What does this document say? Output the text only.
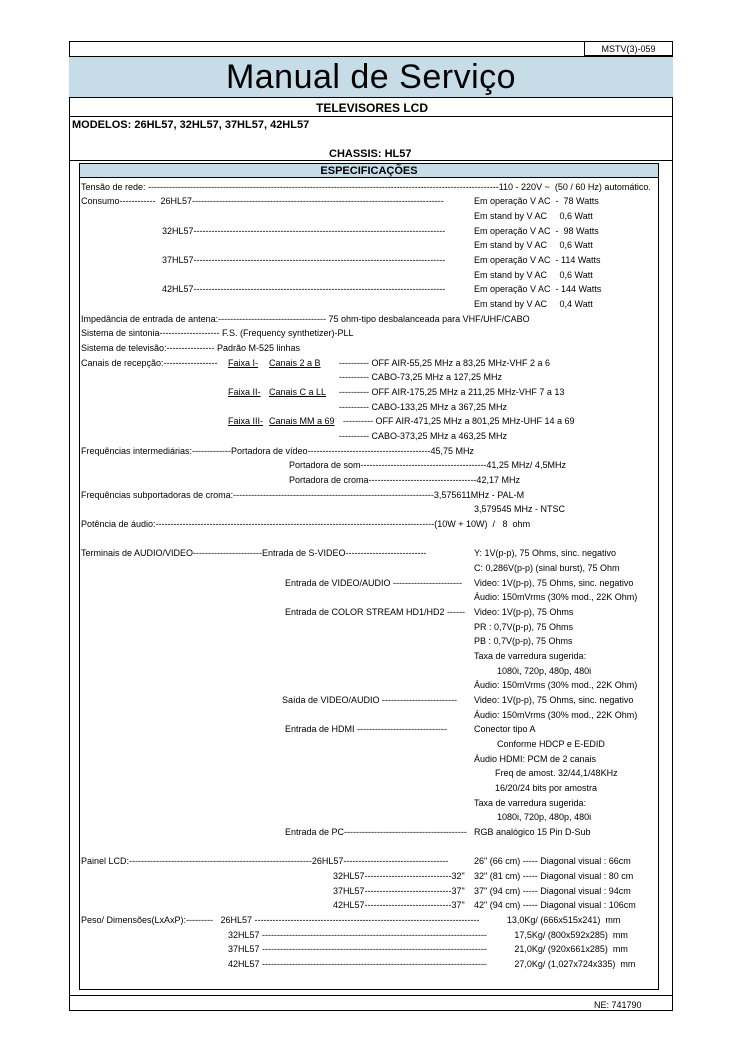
MSTV(3)-059
Manual de Serviço
TELEVISORES LCD
MODELOS: 26HL57, 32HL57, 37HL57, 42HL57
CHASSIS: HL57
ESPECIFICAÇÕES
Tensão de rede: ---------------------------------------------------------------------------------------------------------------------110 - 220V ~  (50 / 60 Hz) automático.
Consumo------------  26HL57------------------------------------------------------------------------------------	Em operação V AC  -  78 Watts
Em stand by V AC     0,6 Watt
32HL57------------------------------------------------------------------------------------	Em operação V AC  -  98 Watts
Em stand by V AC     0,6 Watt
37HL57------------------------------------------------------------------------------------	Em operação V AC  - 114 Watts
Em stand by V AC     0,6 Watt
42HL57------------------------------------------------------------------------------------	Em operação V AC  - 144 Watts
Em stand by V AC     0,4 Watt
Impedância de entrada de antena:------------------------------------ 75 ohm-tipo desbalanceada para VHF/UHF/CABO
Sistema de sintonia-------------------- F.S. (Frequency synthetizer)-PLL
Sistema de televisão:---------------- Padrão M-525 linhas
Canais de recepção:------------------ Faixa I- Canais 2 a B ---------- OFF AIR-55,25 MHz a 83,25 MHz-VHF 2 a 6
---------- CABO-73,25 MHz a 127,25 MHz
Faixa II- Canais C a LL ---------- OFF AIR-175,25 MHz a 211,25 MHz-VHF 7 a 13
---------- CABO-133,25 MHz a 367,25 MHz
Faixa III- Canais MM a 69 ---------- OFF AIR-471,25 MHz a 801,25 MHz-UHF 14 a 69
---------- CABO-373,25 MHz a 463,25 MHz
Frequências intermediárias:-------------Portadora de vídeo-----------------------------------------45,75 MHz
Portadora de som------------------------------------------41,25 MHz/ 4,5MHz
Portadora de croma------------------------------------42,17 MHz
Frequências subportadoras de croma:-------------------------------------------------------------------3,575611MHz - PAL-M
3,579545 MHz - NTSC
Potência de áudio:---------------------------------------------------------------------------------------------(10W + 10W)  /   8  ohm
Terminais de AUDIO/VIDEO-----------------------Entrada de S-VIDEO---------------------------	Y: 1V(p-p), 75 Ohms, sinc. negativo
C: 0,286V(p-p) (sinal burst), 75 Ohm
Entrada de VIDEO/AUDIO ----------------------- Video: 1V(p-p), 75 Ohms, sinc. negativo
Áudio: 150mVrms (30% mod., 22K Ohm)
Entrada de COLOR STREAM HD1/HD2 ------ Video: 1V(p-p), 75 Ohms
PR : 0,7V(p-p), 75 Ohms
PB : 0,7V(p-p), 75 Ohms
Taxa de varredura sugerida:
1080i, 720p, 480p, 480i
Áudio: 150mVrms (30% mod., 22K Ohm)
Saída de VIDEO/AUDIO ------------------------- Video: 1V(p-p), 75 Ohms, sinc. negativo
Áudio: 150mVrms (30% mod., 22K Ohm)
Entrada de HDMI ------------------------------	Conector tipo A
Conforme HDCP e E-EDID
Áudio HDMI: PCM de 2 canais
Freq de amost. 32/44,1/48KHz
16/20/24 bits por amostra
Taxa de varredura sugerida:
1080i, 720p, 480p, 480i
Entrada de PC----------------------------------------- RGB analógico 15 Pin D-Sub
Painel LCD:-------------------------------------------------------------26HL57-----------------------------------	26" (66 cm) ----- Diagonal visual : 66cm
32HL57-----------------------------32" 32" (81 cm) ----- Diagonal visual : 80 cm
37HL57-----------------------------37" 37" (94 cm) ----- Diagonal visual : 94cm
42HL57-----------------------------37" 42" (94 cm) ----- Diagonal visual : 106cm
Peso/ Dimensões(LxAxP):---------   26HL57 ---------------------------------------------------------------------------           13,0Kg/ (666x515x241)  mm
32HL57 ---------------------------------------------------------------------------           17,5Kg/ (800x592x285)  mm
37HL57 ---------------------------------------------------------------------------           21,0Kg/ (920x661x285)  mm
42HL57 ---------------------------------------------------------------------------           27,0Kg/ (1,027x724x335)  mm
NE: 741790
